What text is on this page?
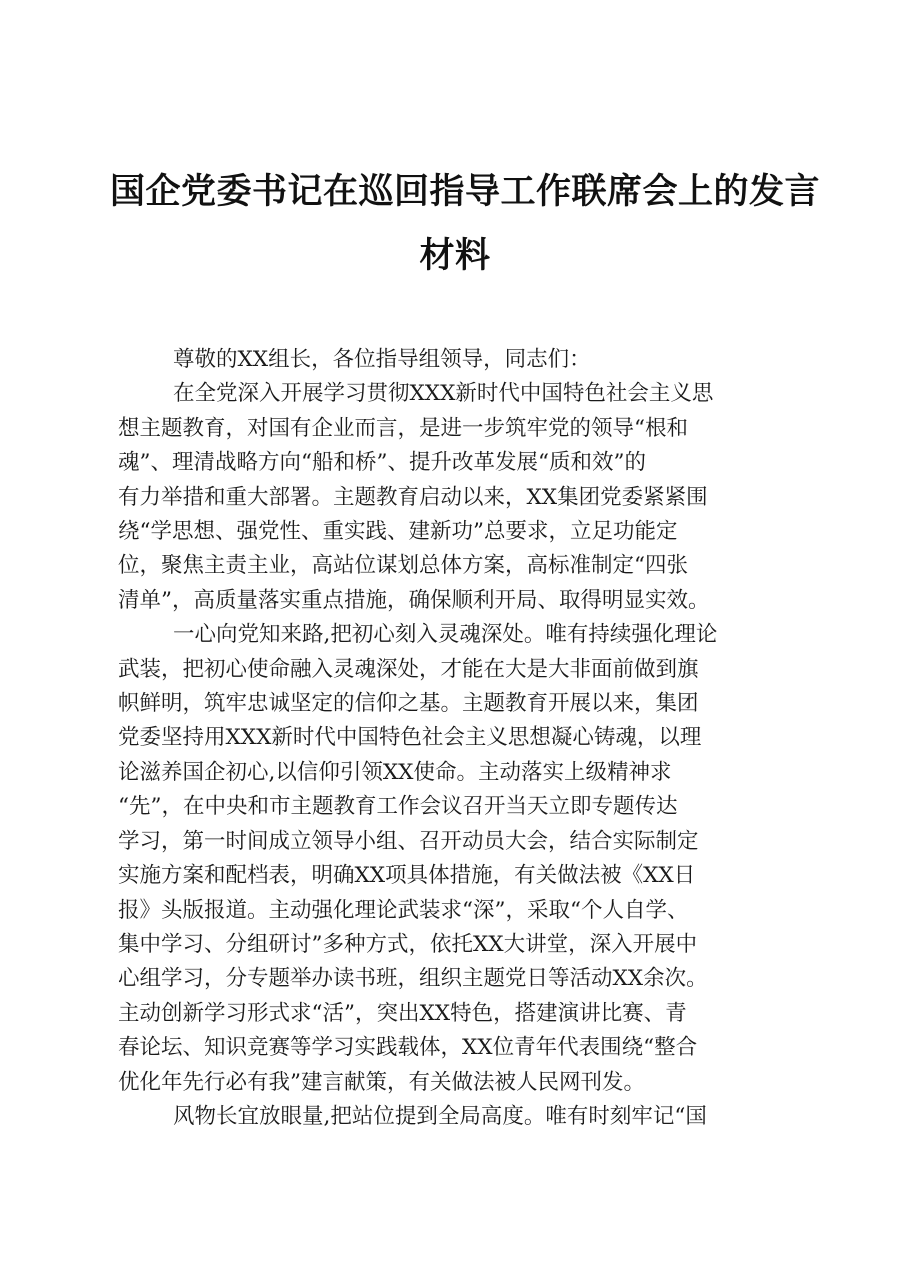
国企党委书记在巡回指导工作联席会上的发言
材料
尊敬的XX组长，各位指导组领导，同志们：
在全党深入开展学习贯彻XXX新时代中国特色社会主义思
想主题教育，对国有企业而言，是进一步筑牢党的领导“根和
魂”、理清战略方向“船和桥”、提升改革发展“质和效”的
有力举措和重大部署。主题教育启动以来，XX集团党委紧紧围
绕“学思想、强党性、重实践、建新功”总要求，立足功能定
位，聚焦主责主业，高站位谋划总体方案，高标准制定“四张
清单”，高质量落实重点措施，确保顺利开局、取得明显实效。
一心向党知来路,把初心刻入灵魂深处。唯有持续强化理论
武装，把初心使命融入灵魂深处，才能在大是大非面前做到旗
帜鲜明，筑牢忠诚坚定的信仰之基。主题教育开展以来，集团
党委坚持用XXX新时代中国特色社会主义思想凝心铸魂，以理
论滋养国企初心,以信仰引领XX使命。主动落实上级精神求
“先”，在中央和市主题教育工作会议召开当天立即专题传达
学习，第一时间成立领导小组、召开动员大会，结合实际制定
实施方案和配档表，明确XX项具体措施，有关做法被《XX日
报》头版报道。主动强化理论武装求“深”，采取“个人自学、
集中学习、分组研讨”多种方式，依托XX大讲堂，深入开展中
心组学习，分专题举办读书班，组织主题党日等活动XX余次。
主动创新学习形式求“活”，突出XX特色，搭建演讲比赛、青
春论坛、知识竞赛等学习实践载体，XX位青年代表围绕“整合
优化年先行必有我”建言献策，有关做法被人民网刊发。
风物长宜放眼量,把站位提到全局高度。唯有时刻牢记“国
